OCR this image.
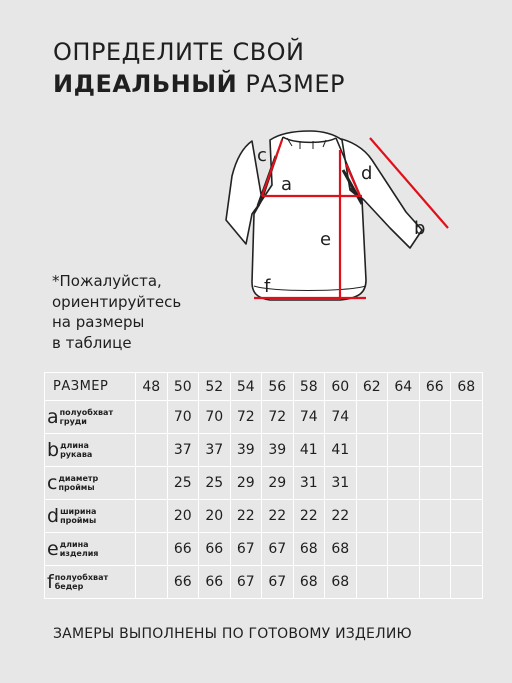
ОПРЕДЕЛИТЕ СВОЙ
ИДЕАЛЬНЫЙ РАЗМЕР
c
a
d
b
e
f
*Пожалуйста,
ориентируйтесь
на размеры
в таблице
РАЗМЕР	48	50	52	54	56	58	60	62	64	66	68
aполуобхват
груди		70	70	72	72	74	74				
bдлина
рукава		37	37	39	39	41	41				
cдиаметр
проймы		25	25	29	29	31	31				
dширина
проймы		20	20	22	22	22	22				
eдлина
изделия		66	66	67	67	68	68				
fполуобхват
бедер		66	66	67	67	68	68				
ЗАМЕРЫ ВЫПОЛНЕНЫ ПО ГОТОВОМУ ИЗДЕЛИЮ
